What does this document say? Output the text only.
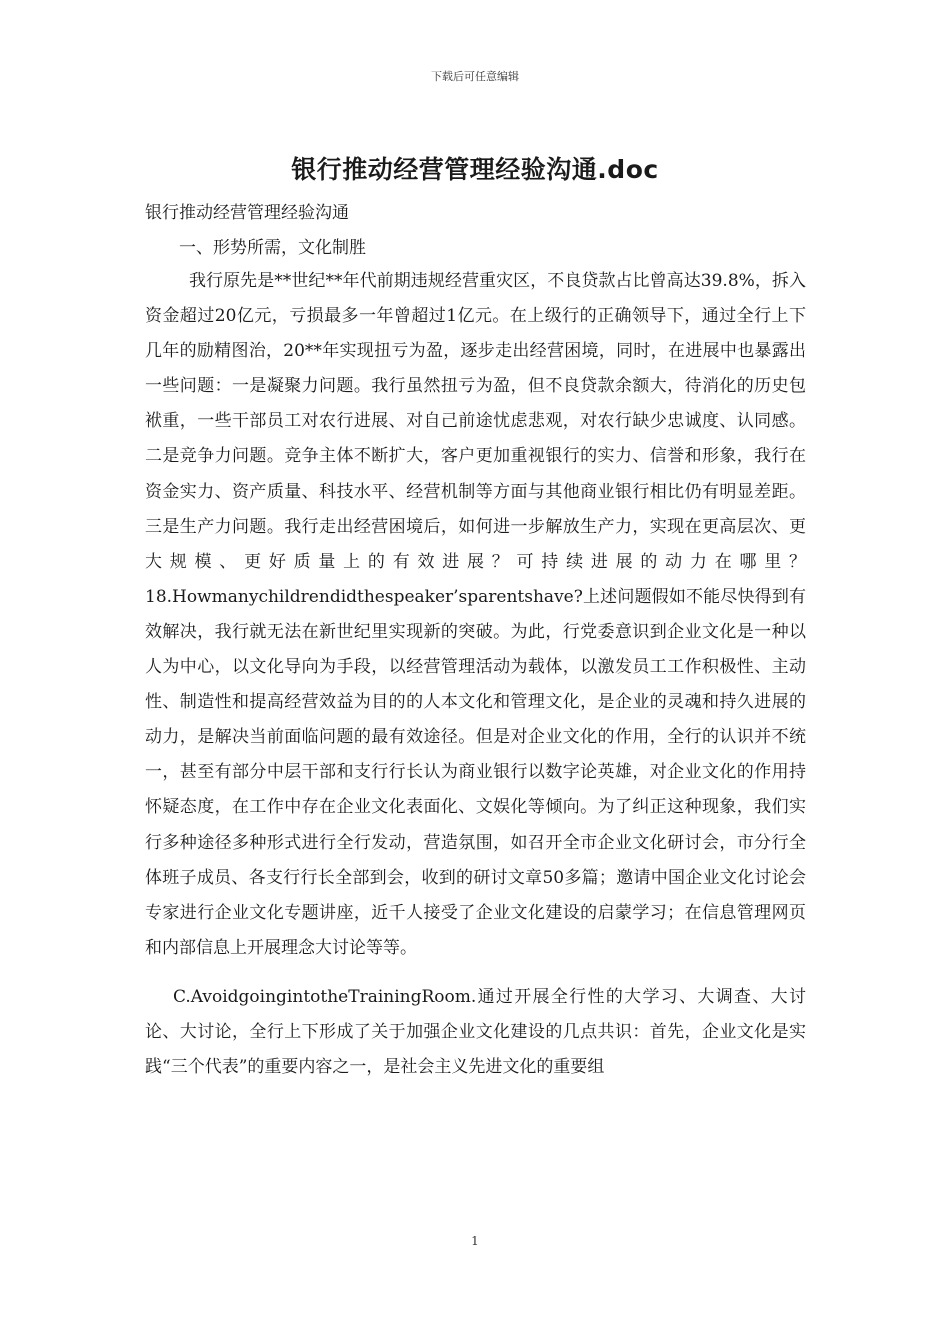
下载后可任意编辑
银行推动经营管理经验沟通.doc

银行推动经营管理经验沟通

一、形势所需，文化制胜

我行原先是**世纪**年代前期违规经营重灾区，不良贷款占比曾高达39.8%，拆入资金超过20亿元，亏损最多一年曾超过1亿元。在上级行的正确领导下，通过全行上下几年的励精图治，20**年实现扭亏为盈，逐步走出经营困境，同时，在进展中也暴露出一些问题：一是凝聚力问题。我行虽然扭亏为盈，但不良贷款余额大，待消化的历史包袱重，一些干部员工对农行进展、对自己前途忧虑悲观，对农行缺少忠诚度、认同感。二是竞争力问题。竞争主体不断扩大，客户更加重视银行的实力、信誉和形象，我行在资金实力、资产质量、科技水平、经营机制等方面与其他商业银行相比仍有明显差距。三是生产力问题。我行走出经营困境后，如何进一步解放生产力，实现在更高层次、更大规模、更好质量上的有效进展？可持续进展的动力在哪里？18.Howmanychildrendidthespeaker’sparentshave?上述问题假如不能尽快得到有效解决，我行就无法在新世纪里实现新的突破。为此，行党委意识到企业文化是一种以人为中心，以文化导向为手段，以经营管理活动为载体，以激发员工工作积极性、主动性、制造性和提高经营效益为目的的人本文化和管理文化，是企业的灵魂和持久进展的动力，是解决当前面临问题的最有效途径。但是对企业文化的作用，全行的认识并不统一，甚至有部分中层干部和支行行长认为商业银行以数字论英雄，对企业文化的作用持怀疑态度，在工作中存在企业文化表面化、文娱化等倾向。为了纠正这种现象，我们实行多种途径多种形式进行全行发动，营造氛围，如召开全市企业文化研讨会，市分行全体班子成员、各支行行长全部到会，收到的研讨文章50多篇；邀请中国企业文化讨论会专家进行企业文化专题讲座，近千人接受了企业文化建设的启蒙学习；在信息管理网页和内部信息上开展理念大讨论等等。

C.AvoidgoingintotheTrainingRoom.通过开展全行性的大学习、大调查、大讨论、大讨论，全行上下形成了关于加强企业文化建设的几点共识：首先，企业文化是实践“三个代表”的重要内容之一，是社会主义先进文化的重要组

1
